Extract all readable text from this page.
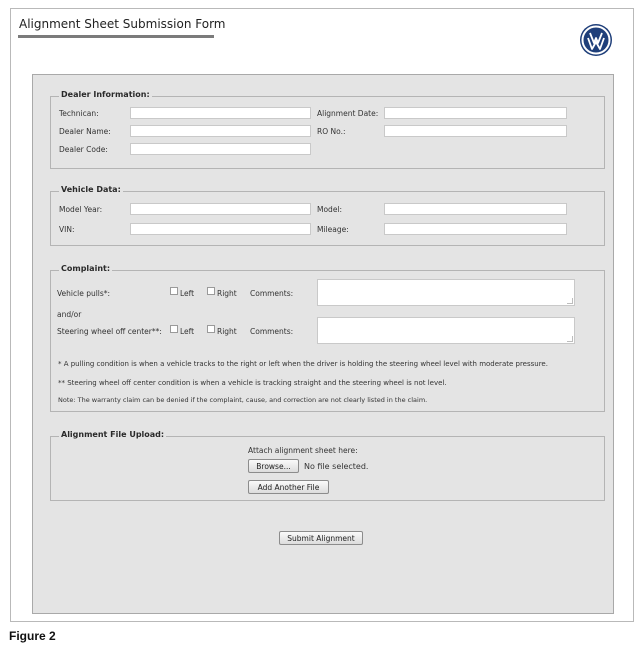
Alignment Sheet Submission Form
Dealer Information:
Technican:	Alignment Date:
Dealer Name:	RO No.:
Dealer Code:
Vehicle Data:
Model Year:	Model:
VIN:	Mileage:
Complaint:
Vehicle pulls*:	Left	Right Comments:
and/or
Steering wheel off center**: Left	Right Comments:
* A pulling condition is when a vehicle tracks to the right or left when the driver is holding the steering wheel level with moderate pressure.
** Steering wheel off center condition is when a vehicle is tracking straight and the steering wheel is not level.
Note: The warranty claim can be denied if the complaint, cause, and correction are not clearly listed in the claim.
Alignment File Upload:
Attach alignment sheet here:
Browse...	No file selected.
Add Another File
Submit Alignment
Figure 2
